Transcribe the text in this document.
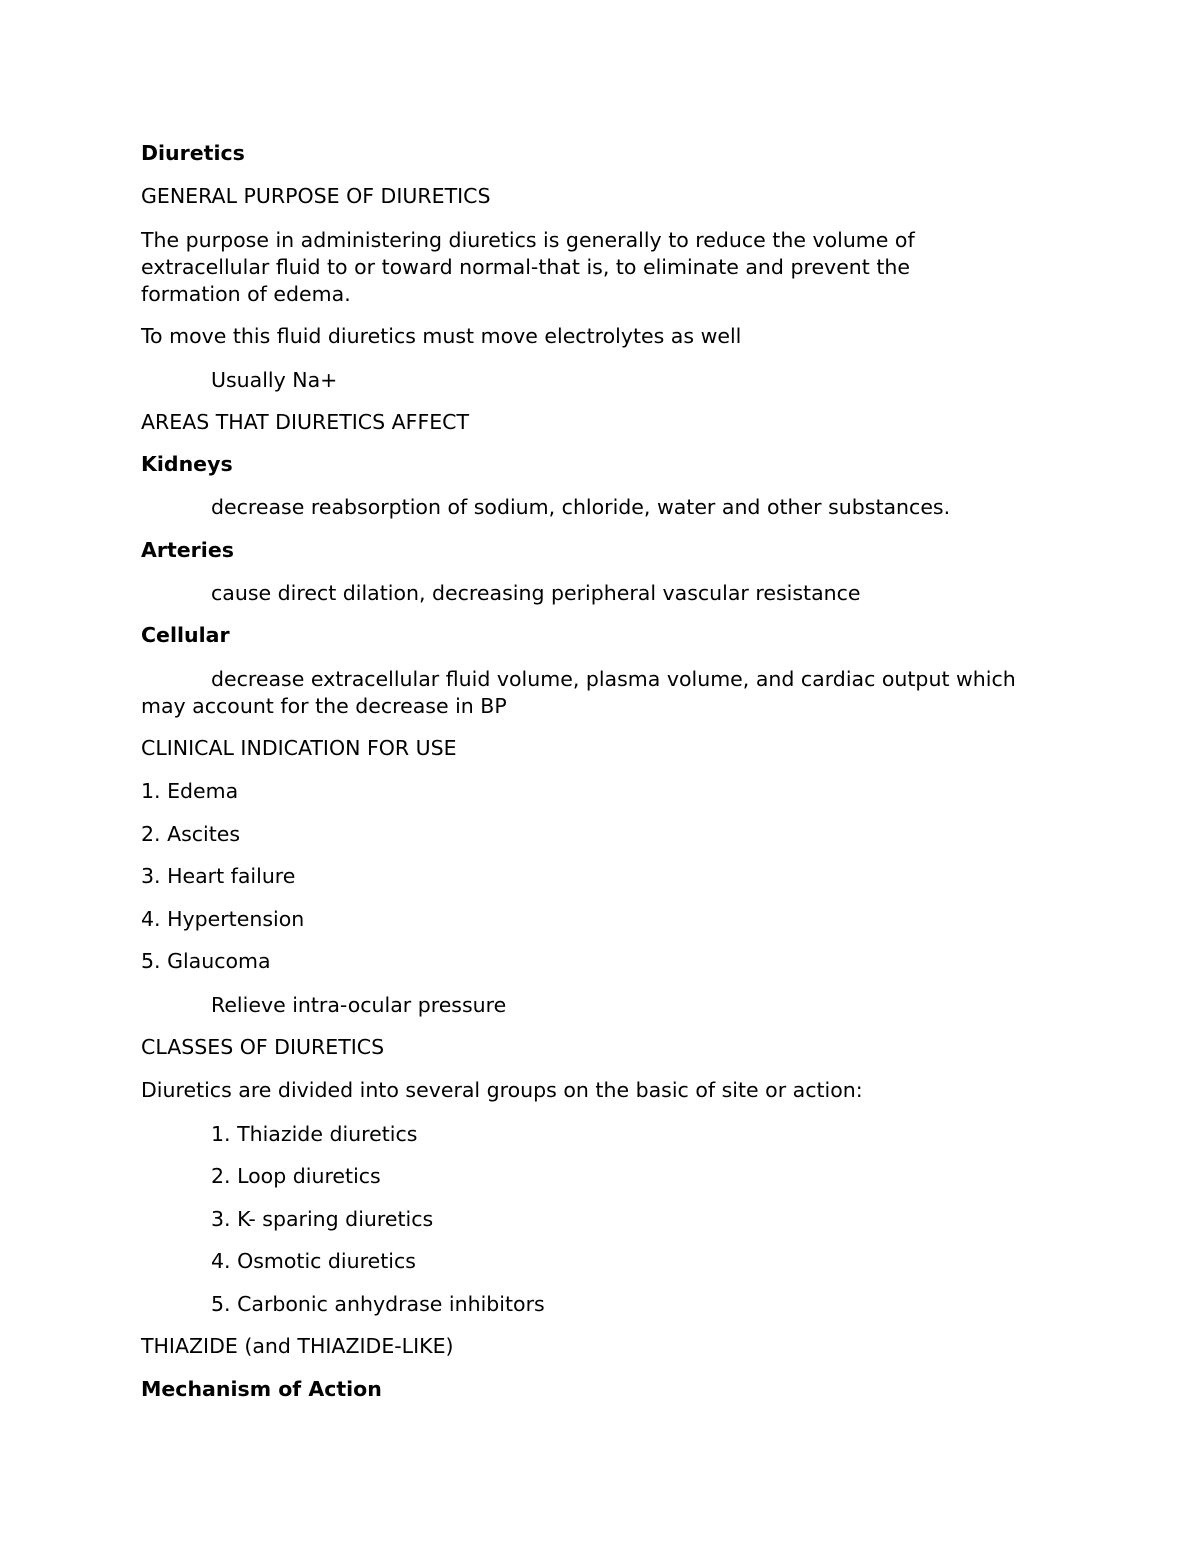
Diuretics
GENERAL PURPOSE OF DIURETICS
The purpose in administering diuretics is generally to reduce the volume of
extracellular fluid to or toward normal-that is, to eliminate and prevent the
formation of edema.
To move this fluid diuretics must move electrolytes as well
Usually Na+
AREAS THAT DIURETICS AFFECT
Kidneys
decrease reabsorption of sodium, chloride, water and other substances.
Arteries
cause direct dilation, decreasing peripheral vascular resistance
Cellular
decrease extracellular fluid volume, plasma volume, and cardiac output which
may account for the decrease in BP
CLINICAL INDICATION FOR USE
1. Edema
2. Ascites
3. Heart failure
4. Hypertension
5. Glaucoma
Relieve intra-ocular pressure
CLASSES OF DIURETICS
Diuretics are divided into several groups on the basic of site or action:
1. Thiazide diuretics
2. Loop diuretics
3. K- sparing diuretics
4. Osmotic diuretics
5. Carbonic anhydrase inhibitors
THIAZIDE (and THIAZIDE-LIKE)
Mechanism of Action
